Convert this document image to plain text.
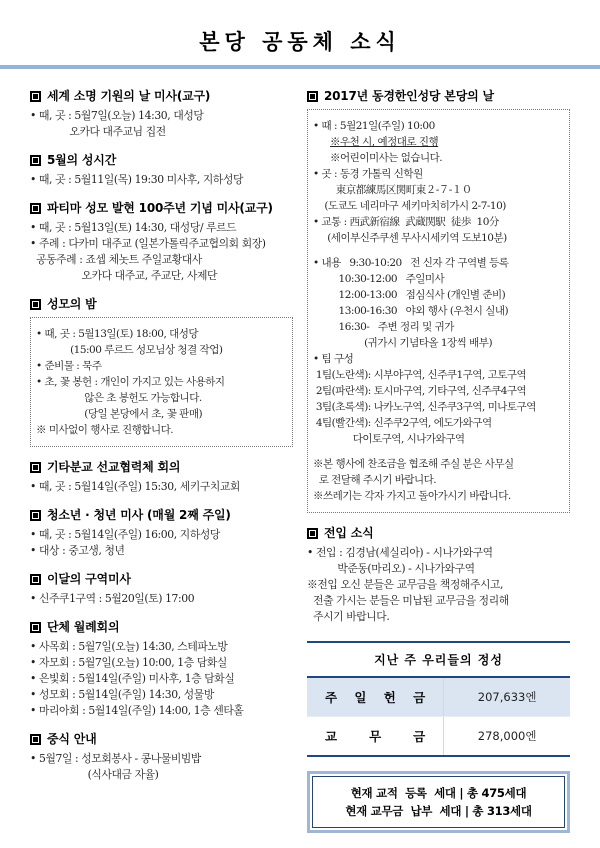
본당 공동체 소식
세계 소명 기원의 날 미사(교구)
• 때, 곳 : 5월7일(오늘) 14:30, 대성당
오카다 대주교님 집전
5월의 성시간
• 때, 곳 : 5월11일(목) 19:30 미사후, 지하성당
파티마 성모 발현 100주년 기념 미사(교구)
• 때, 곳 : 5월13일(토) 14:30, 대성당/ 루르드
• 주례 : 다카미 대주교 (일본가톨릭주교협의회 회장)
공동주례 : 죠셉 체놋트 주일교황대사
오카다 대주교, 주교단, 사제단
성모의 밤
• 때, 곳 : 5월13일(토) 18:00, 대성당
(15:00 루르드 성모님상 청결 작업)
• 준비물 : 묵주
• 초, 꽃 봉헌 : 개인이 가지고 있는 사용하지
않은 초 봉헌도 가능합니다.
(당일 본당에서 초, 꽃 판매)
※ 미사없이 행사로 진행합니다.
기타분교 선교협력체 회의
• 때, 곳 : 5월14일(주일) 15:30, 세키구치교회
청소년 · 청년 미사 (매월 2째 주일)
• 때, 곳 : 5월14일(주일) 16:00, 지하성당
• 대상 : 중고생, 청년
이달의 구역미사
• 신주쿠1구역 : 5월20일(토) 17:00
단체 월례회의
• 사목회 : 5월7일(오늘) 14:30, 스테파노방
• 자모회 : 5월7일(오늘) 10:00, 1층 담화실
• 은빛회 : 5월14일(주일) 미사후, 1층 담화실
• 성모회 : 5월14일(주일) 14:30, 성물방
• 마리아회 : 5월14일(주일) 14:00, 1층 센타홀
중식 안내
• 5월7일 : 성모회봉사 - 콩나물비빔밥
(식사대금 자율)
2017년 동경한인성당 본당의 날
• 때 : 5월21일(주일) 10:00
※우천 시, 예정대로 진행
※어린이미사는 없습니다.
• 곳 : 동경 가톨릭 신학원
東京都練馬区関町東２-７-１０
(도쿄도 네리마구 세키마치히가시 2-7-10)
• 교통 : 西武新宿線  武蔵関駅  徒歩  10分
(세이부신주쿠센 무사시세키역 도보10분)
• 내용   9:30-10:20   전 신자 각 구역별 등록
10:30-12:00   주일미사
12:00-13:00   점심식사 (개인별 준비)
13:00-16:30   야외 행사 (우천시 실내)
16:30-   주변 정리 및 귀가
(귀가시 기념타올 1장씩 배부)
• 팀 구성
1팀(노란색): 시부야구역, 신주쿠1구역, 고토구역
2팀(파란색): 토시마구역, 기타구역, 신주쿠4구역
3팀(초록색): 나카노구역, 신주쿠3구역, 미나토구역
4팀(빨간색): 신주쿠2구역, 에도가와구역
다이토구역, 시나가와구역
※본 행사에 찬조금을 협조해 주실 분은 사무실
로 전달해 주시기 바랍니다.
※쓰레기는 각자 가지고 돌아가시기 바랍니다.
전입 소식
• 전입 : 김경남(세실리아) - 시나가와구역
박준동(마리오) - 시나가와구역
※전입 오신 분들은 교무금을 책정해주시고,
전출 가시는 분들은 미납된 교무금을 정리해
주시기 바랍니다.
지난 주 우리들의 정성	
주 일 헌 금	207,633엔
교 무 금	278,000엔
현재 교적  등록  세대 | 총 475세대
현재 교무금  납부  세대 | 총 313세대
